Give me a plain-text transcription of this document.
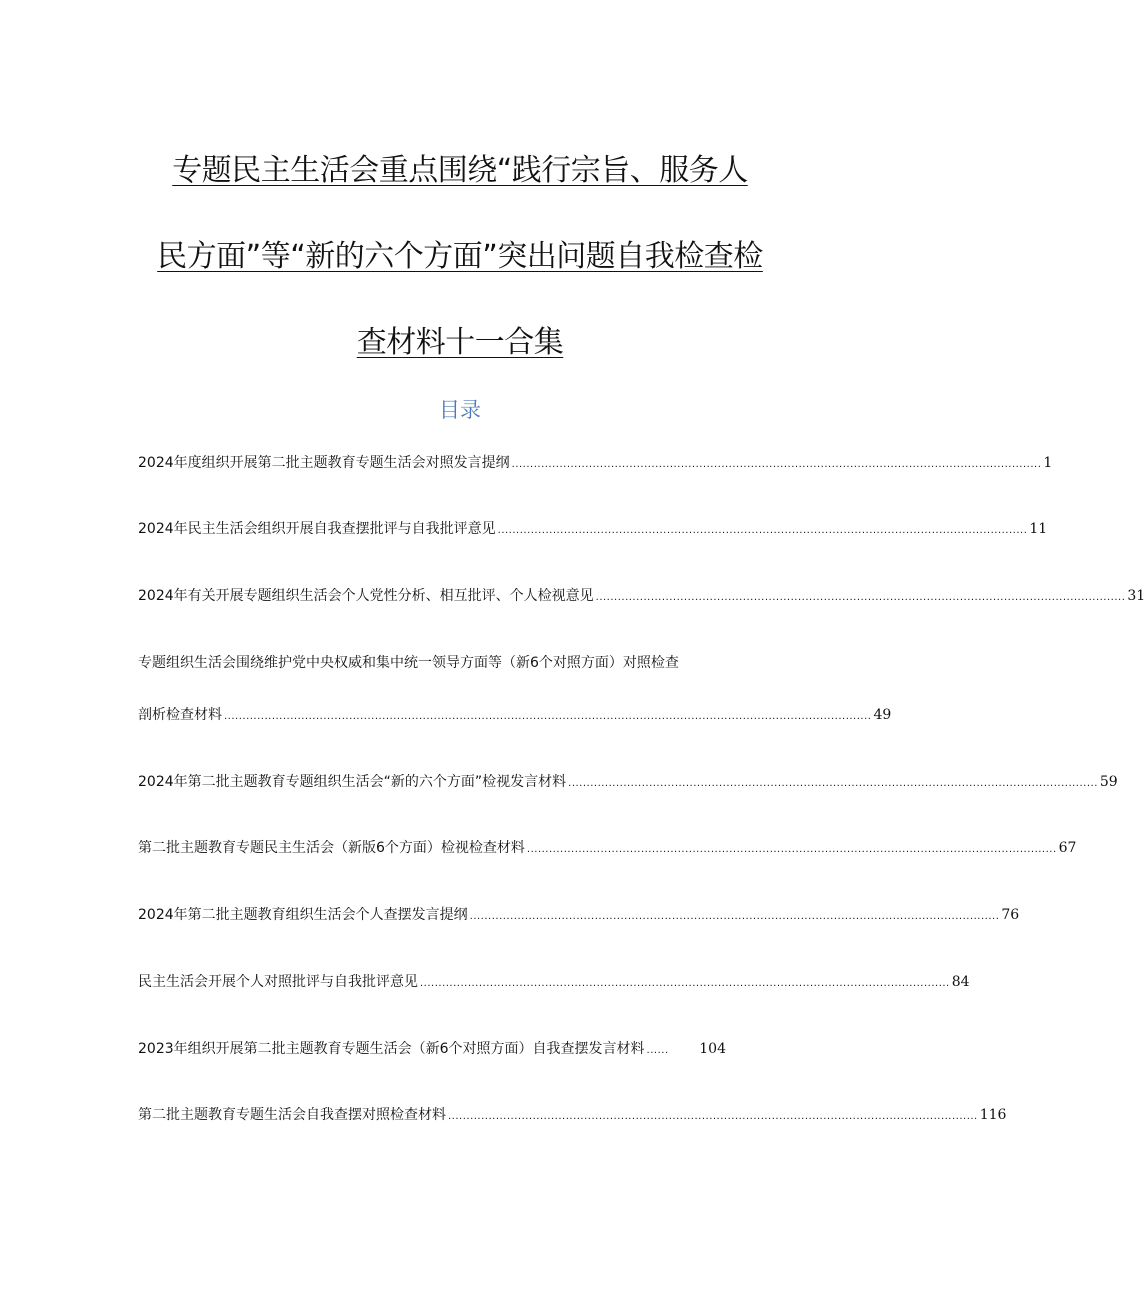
专题民主生活会重点围绕“践行宗旨、服务人
民方面”等“新的六个方面”突出问题自我检查检
查材料十一合集
目录
2024年度组织开展第二批主题教育专题生活会对照发言提纲 ................................................................................................................................................ 1
2024年民主生活会组织开展自我查摆批评与自我批评意见 ................................................................................................................................................ 11
2024年有关开展专题组织生活会个人党性分析、相互批评、个人检视意见 ................................................................................................................................................ 31
专题组织生活会围绕维护党中央权威和集中统一领导方面等（新6个对照方面）对照检查
剖析检查材料 ................................................................................................................................................................................ 49
2024年第二批主题教育专题组织生活会“新的六个方面”检视发言材料 ................................................................................................................................................ 59
第二批主题教育专题民主生活会（新版6个方面）检视检查材料 ................................................................................................................................................ 67
2024年第二批主题教育组织生活会个人查摆发言提纲 ................................................................................................................................................ 76
民主生活会开展个人对照批评与自我批评意见 ................................................................................................................................................ 84
2023年组织开展第二批主题教育专题生活会（新6个对照方面）自我查摆发言材料 ......	104
第二批主题教育专题生活会自我查摆对照检查材料 ................................................................................................................................................ 116
